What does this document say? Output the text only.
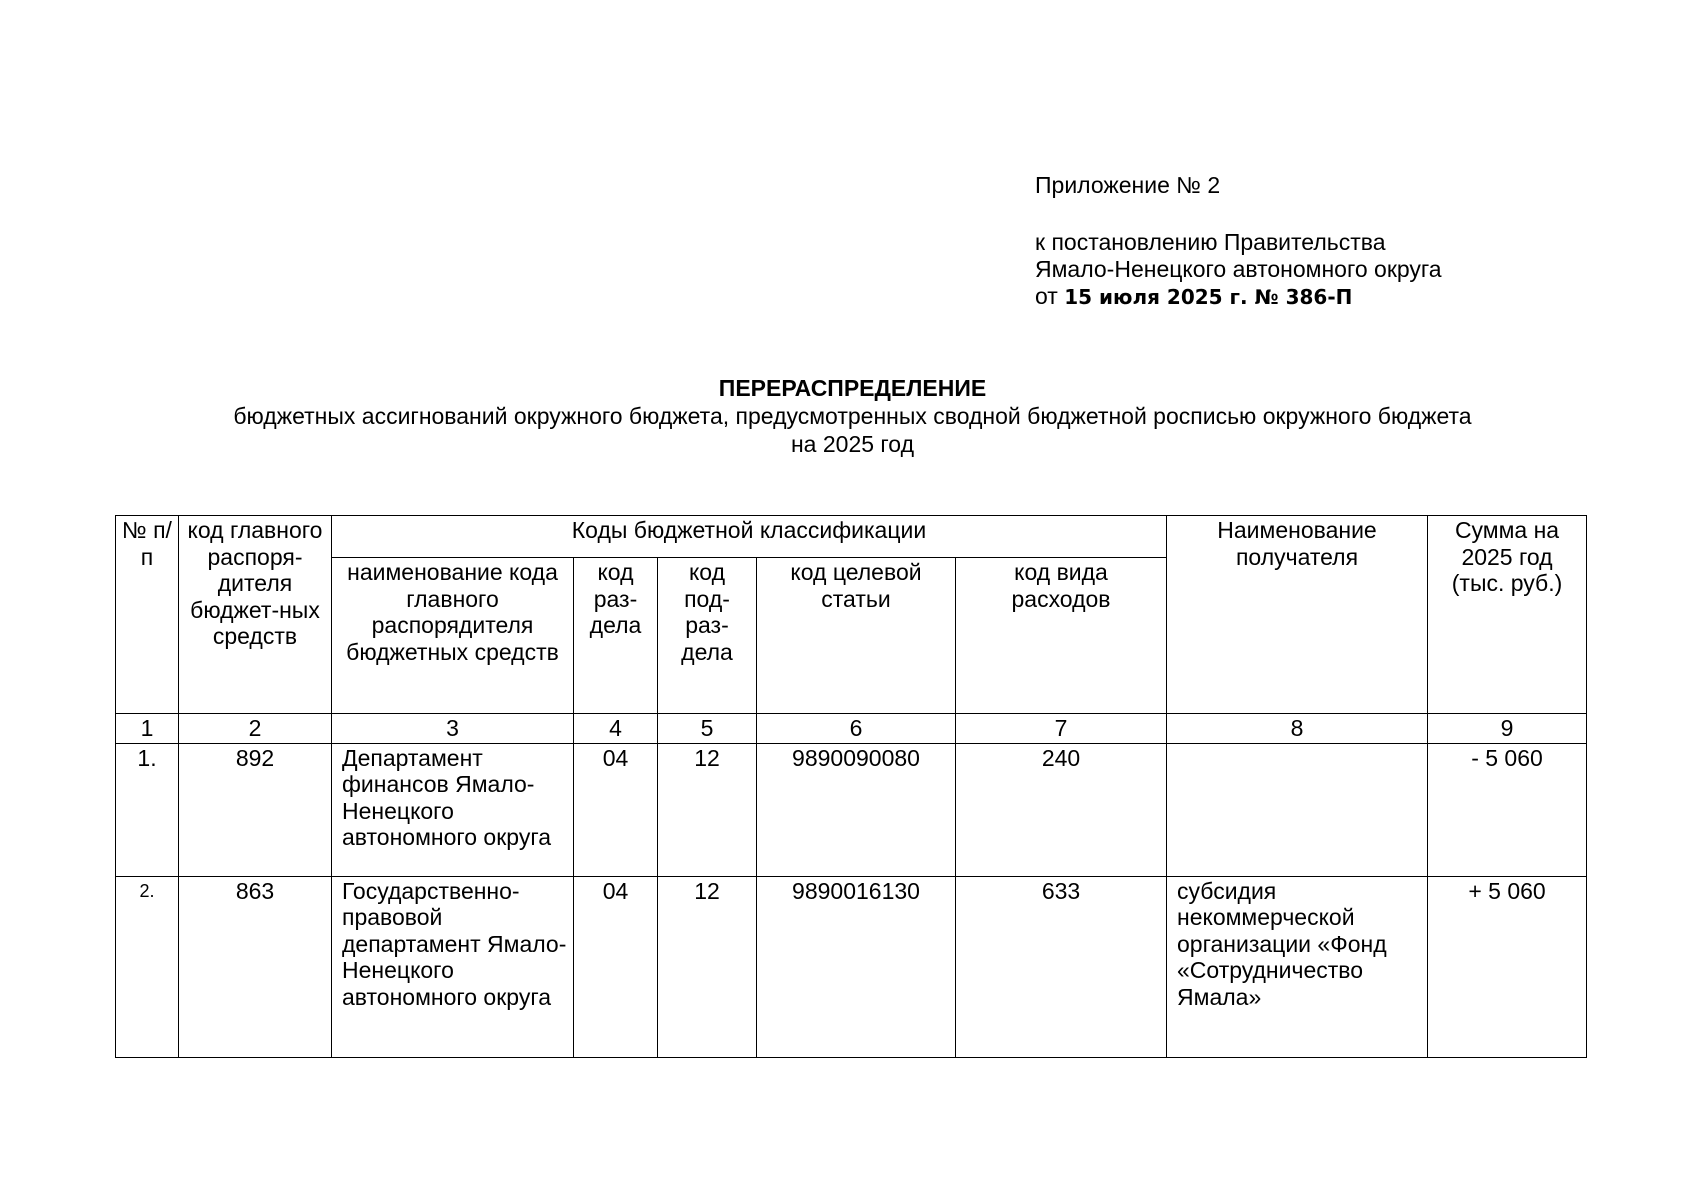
Приложение № 2
к постановлению Правительства
Ямало-Ненецкого автономного округа
от 15 июля 2025 г. № 386-П
ПЕРЕРАСПРЕДЕЛЕНИЕ
бюджетных ассигнований окружного бюджета, предусмотренных сводной бюджетной росписью окружного бюджета
на 2025 год
№ п/п	код главного распоря-дителя бюджет-ных средств	Коды бюджетной классификации					Наименование получателя	Сумма на 2025 год (тыс. руб.)
		наименование кода главного распорядителя бюджетных средств	код раз-дела	код под-раз-дела	код целевой статьи	код вида расходов		
1	2	3	4	5	6	7	8	9
1.	892	Департамент финансов Ямало-Ненецкого автономного округа	04	12	9890090080	240		- 5 060
2.	863	Государственно-правовой департамент Ямало-Ненецкого автономного округа	04	12	9890016130	633	субсидия некоммерческой организации «Фонд «Сотрудничество Ямала»	+ 5 060
